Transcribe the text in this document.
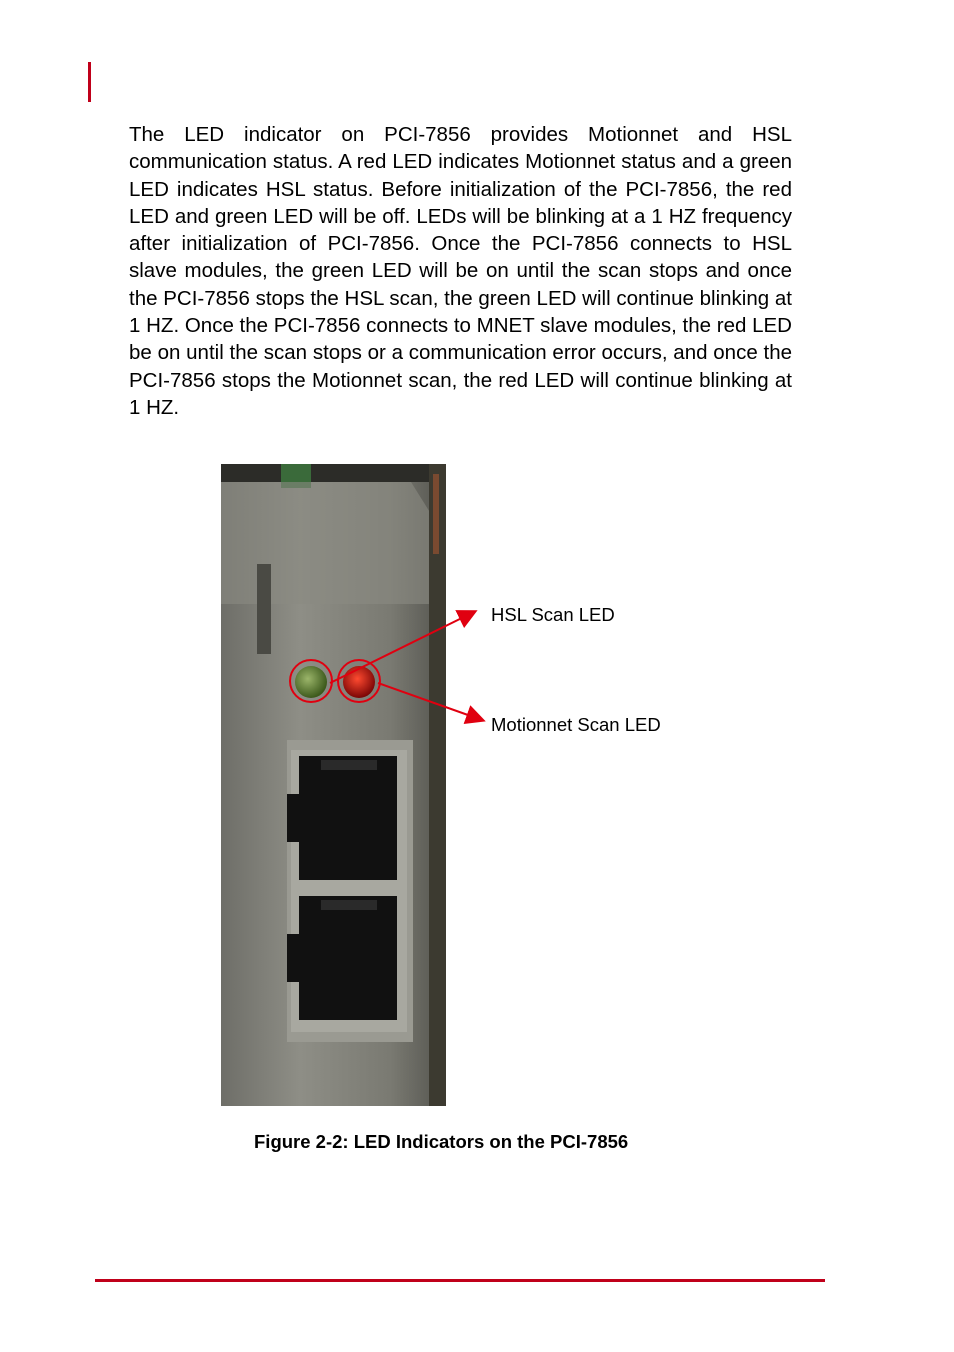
The LED indicator on PCI-7856 provides Motionnet and HSL communication status. A red LED indicates Motionnet status and a green LED indicates HSL status. Before initialization of the PCI-7856, the red LED and green LED will be off. LEDs will be blinking at a 1 HZ frequency after initialization of PCI-7856. Once the PCI-7856 connects to HSL slave modules, the green LED will be on until the scan stops and once the PCI-7856 stops the HSL scan, the green LED will continue blinking at 1 HZ. Once the PCI-7856 connects to MNET slave modules, the red LED be on until the scan stops or a communication error occurs, and once the PCI-7856 stops the Motionnet scan, the red LED will continue blinking at 1 HZ.

HSL Scan LED
Motionnet Scan LED
Figure 2-2: LED Indicators on the PCI-7856
